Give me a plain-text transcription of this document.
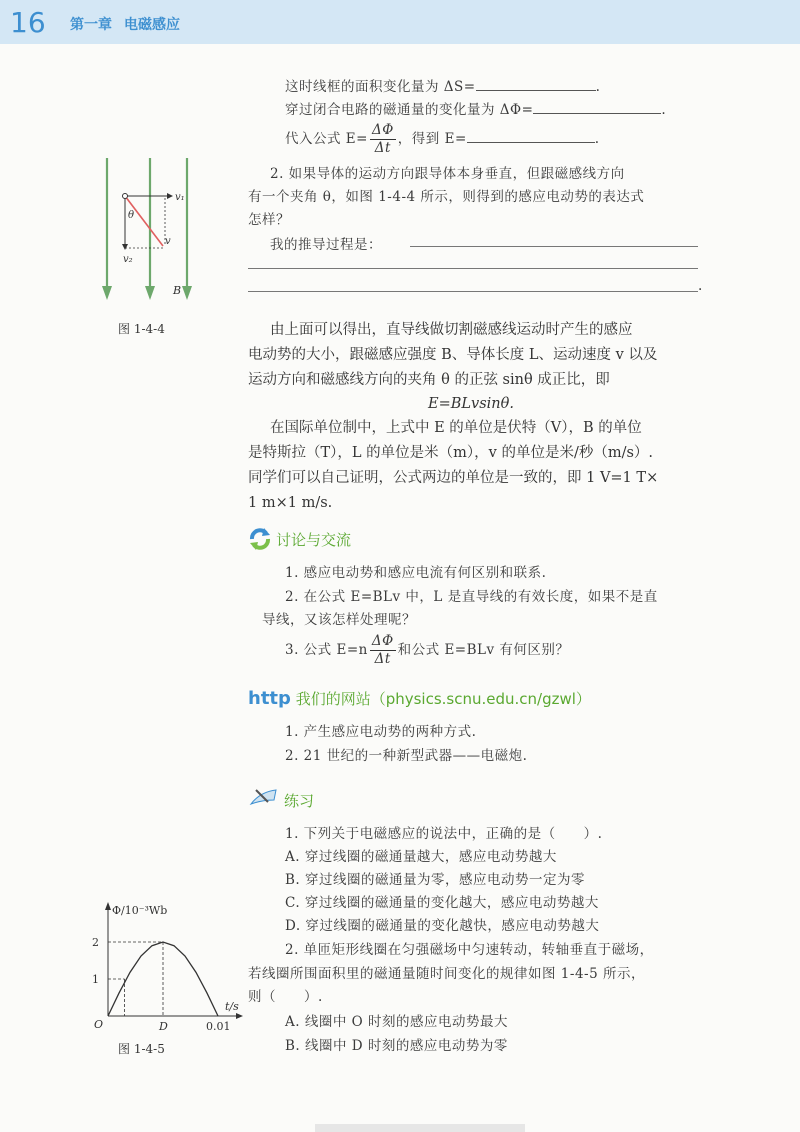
16 第一章 电磁感应
这时线框的面积变化量为 ΔS=	.
穿过闭合电路的磁通量的变化量为 ΔΦ=	.
代入公式 $E= \frac{\Delta\Phi}{\Delta t}$ ，得到 E=	.
2. 如果导体的运动方向跟导体本身垂直，但跟磁感线方向
有一个夹角 θ，如图 1-4-4 所示，则得到的感应电动势的表达式
怎样？
我的推导过程是：
.
v₁
θ
v
v₂
B
图 1-4-4	由上面可以得出，直导线做切割磁感线运动时产生的感应
电动势的大小，跟磁感应强度 B、导体长度 L、运动速度 v 以及
运动方向和磁感线方向的夹角 θ 的正弦 sinθ 成正比，即
E=BLvsinθ.
在国际单位制中，上式中 E 的单位是伏特（V），B 的单位
是特斯拉（T），L 的单位是米（m），v 的单位是米/秒（m/s）.
同学们可以自己证明，公式两边的单位是一致的，即 1 V=1 T×
1 m×1 m/s.
讨论与交流
1. 感应电动势和感应电流有何区别和联系.
2. 在公式 E=BLv 中，L 是直导线的有效长度，如果不是直
导线，又该怎样处理呢？
3. 公式 $E=n \frac{\Delta\Phi}{\Delta t}$ 和公式 E=BLv 有何区别？
http 我们的网站（physics.scnu.edu.cn/gzwl）
1. 产生感应电动势的两种方式.
2. 21 世纪的一种新型武器——电磁炮.
练习
1. 下列关于电磁感应的说法中，正确的是（　　）.
A. 穿过线圈的磁通量越大，感应电动势越大
B. 穿过线圈的磁通量为零，感应电动势一定为零
C. 穿过线圈的磁通量的变化越大，感应电动势越大
D. 穿过线圈的磁通量的变化越快，感应电动势越大
2. 单匝矩形线圈在匀强磁场中匀速转动，转轴垂直于磁场，
若线圈所围面积里的磁通量随时间变化的规律如图 1-4-5 所示，
则（　　）.
A. 线圈中 O 时刻的感应电动势最大
B. 线圈中 D 时刻的感应电动势为零
Φ/10⁻³Wb
t/s
2
1
O	D	0.01
图 1-4-5
